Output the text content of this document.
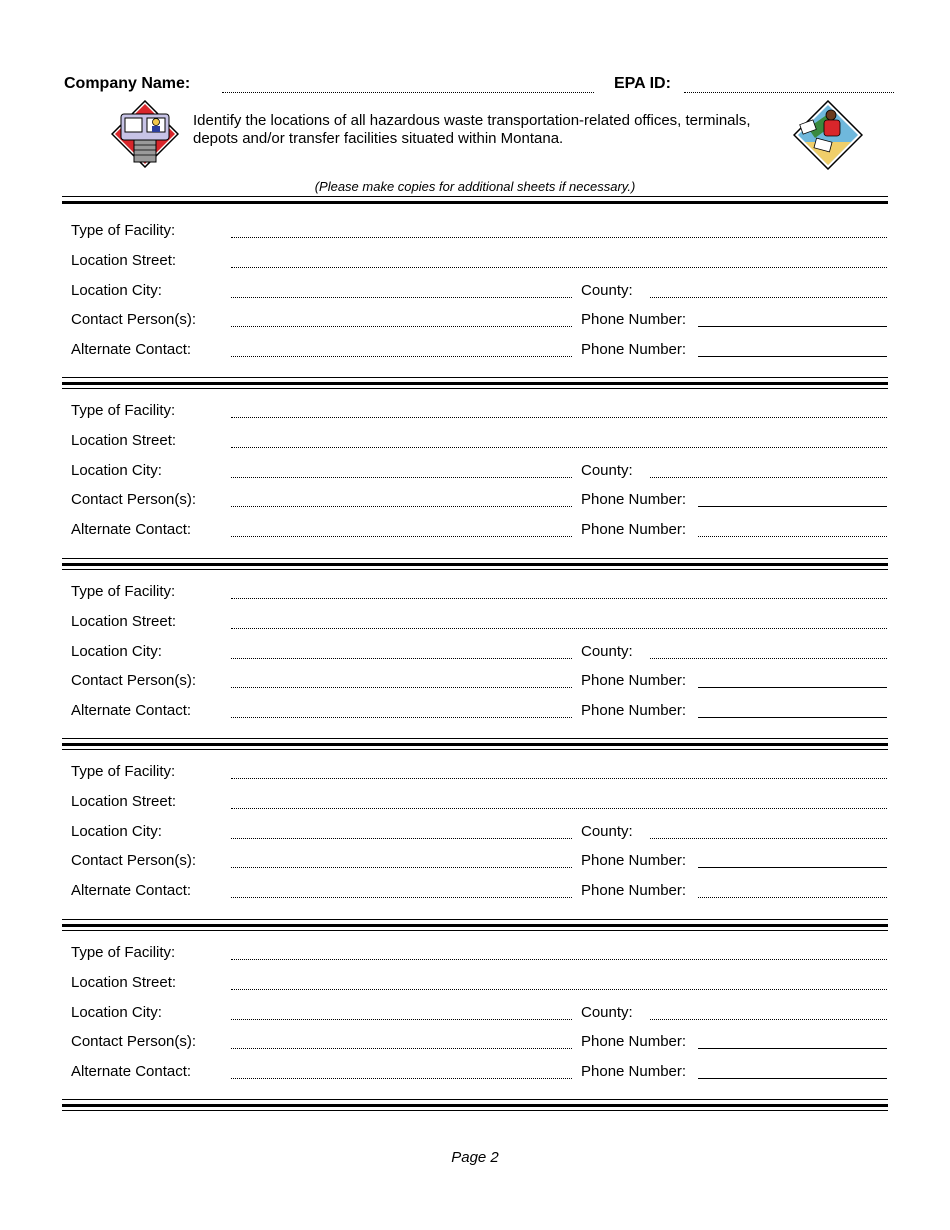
Company Name:	EPA ID:
Identify the locations of all hazardous waste transportation-related offices, terminals, depots and/or transfer facilities situated within Montana.
(Please make copies for additional sheets if necessary.)
Type of Facility:
Location Street:
Location City:	County:
Contact Person(s):	Phone Number:
Alternate Contact:	Phone Number:
Type of Facility:
Location Street:
Location City:	County:
Contact Person(s):	Phone Number:
Alternate Contact:	Phone Number:
Type of Facility:
Location Street:
Location City:	County:
Contact Person(s):	Phone Number:
Alternate Contact:	Phone Number:
Type of Facility:
Location Street:
Location City:	County:
Contact Person(s):	Phone Number:
Alternate Contact:	Phone Number:
Type of Facility:
Location Street:
Location City:	County:
Contact Person(s):	Phone Number:
Alternate Contact:	Phone Number:
Page 2
